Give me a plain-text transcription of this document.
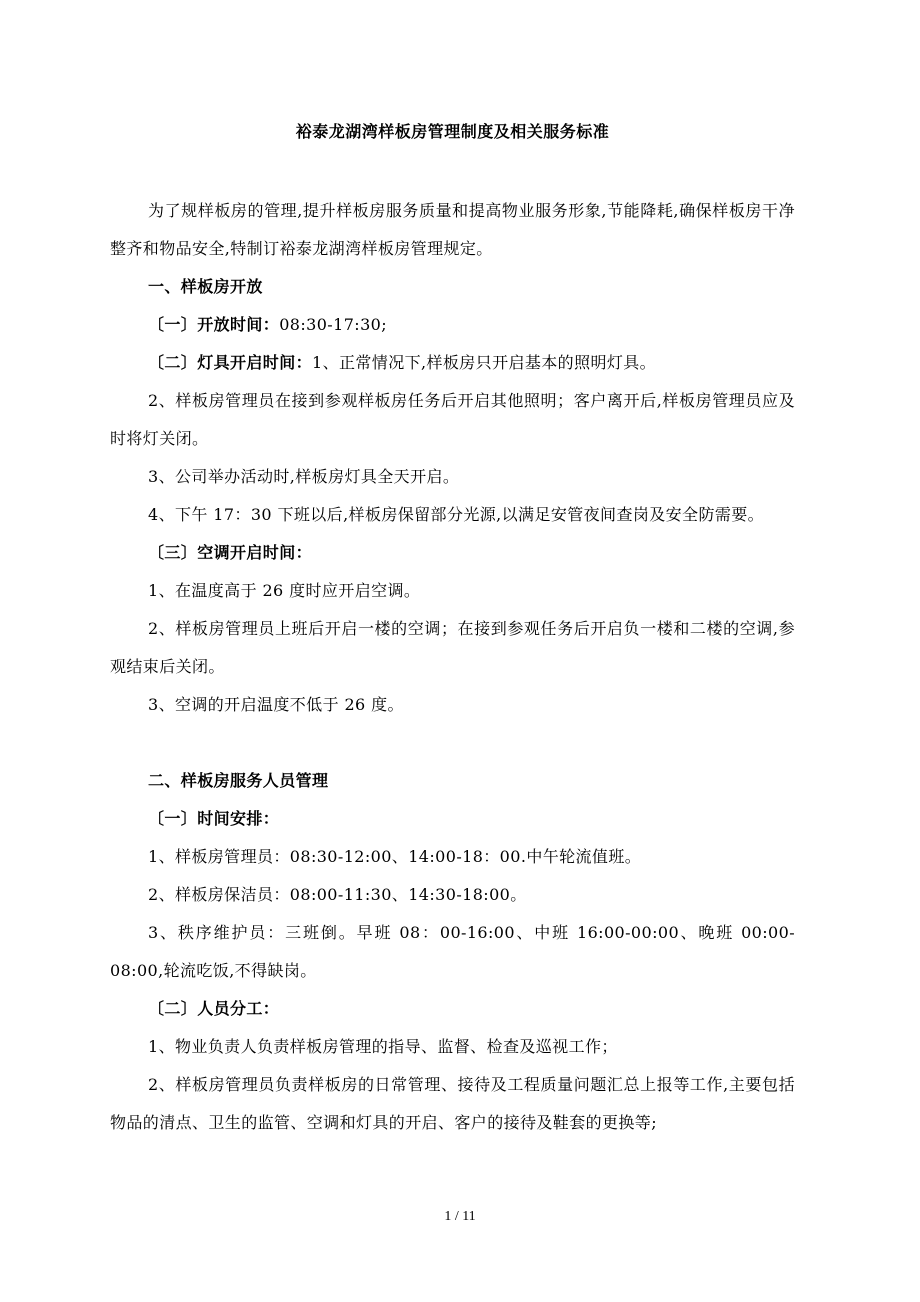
裕泰龙湖湾样板房管理制度及相关服务标准

为了规样板房的管理,提升样板房服务质量和提高物业服务形象,节能降耗,确保样板房干净整齐和物品安全,特制订裕泰龙湖湾样板房管理规定。

一、样板房开放

〔一〕开放时间：08:30-17:30;

〔二〕灯具开启时间：1、正常情况下,样板房只开启基本的照明灯具。

2、样板房管理员在接到参观样板房任务后开启其他照明；客户离开后,样板房管理员应及时将灯关闭。

3、公司举办活动时,样板房灯具全天开启。

4、下午 17：30 下班以后,样板房保留部分光源,以满足安管夜间查岗及安全防需要。

〔三〕空调开启时间：

1、在温度高于 26 度时应开启空调。

2、样板房管理员上班后开启一楼的空调；在接到参观任务后开启负一楼和二楼的空调,参观结束后关闭。

3、空调的开启温度不低于 26 度。

二、样板房服务人员管理

〔一〕时间安排：

1、样板房管理员：08:30-12:00、14:00-18：00.中午轮流值班。

2、样板房保洁员：08:00-11:30、14:30-18:00。

3、秩序维护员：三班倒。早班 08：00-16:00、中班 16:00-00:00、晚班 00:00-08:00,轮流吃饭,不得缺岗。

〔二〕人员分工：

1、物业负责人负责样板房管理的指导、监督、检查及巡视工作；

2、样板房管理员负责样板房的日常管理、接待及工程质量问题汇总上报等工作,主要包括物品的清点、卫生的监管、空调和灯具的开启、客户的接待及鞋套的更换等;

1 / 11
